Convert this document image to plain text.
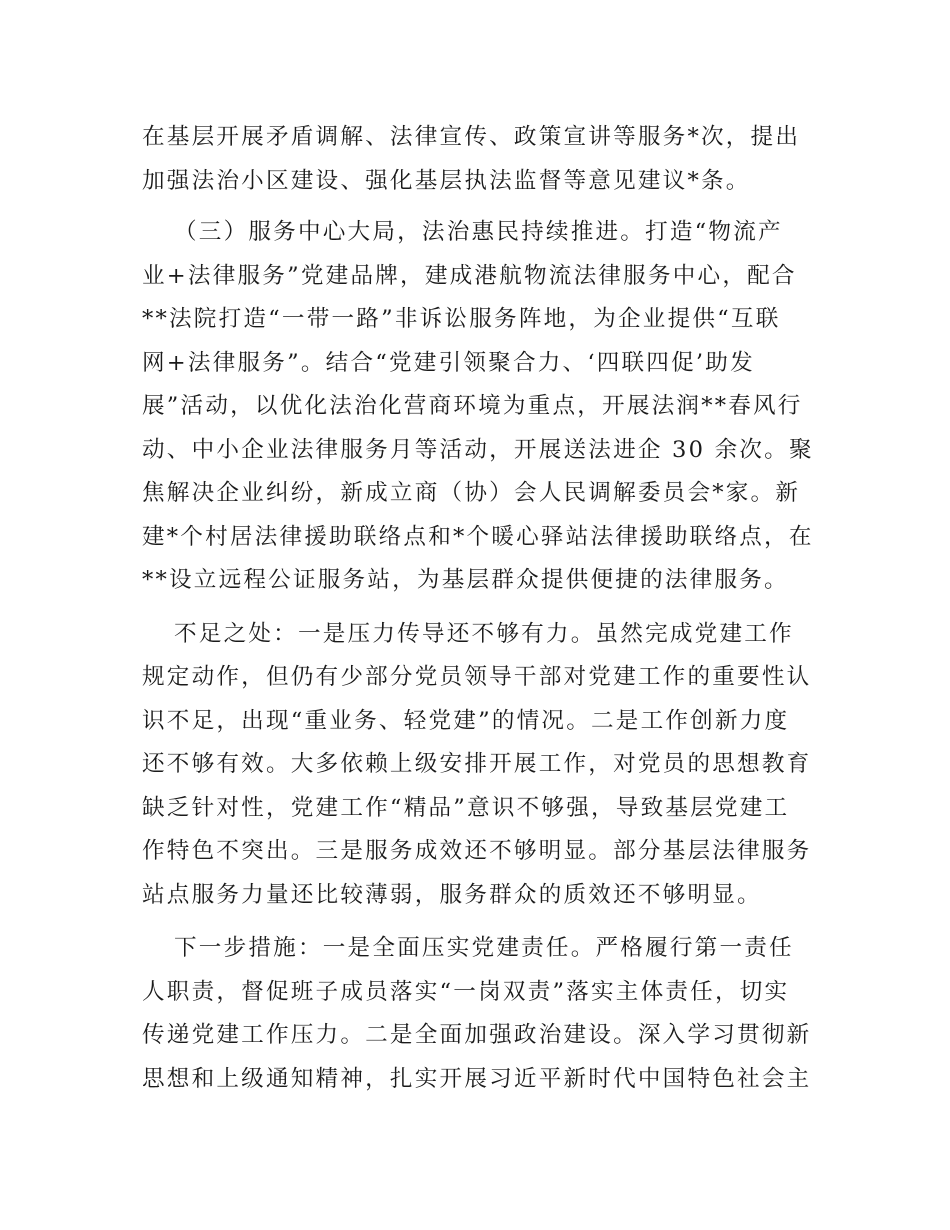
在基层开展矛盾调解、法律宣传、政策宣讲等服务*次，提出
加强法治小区建设、强化基层执法监督等意见建议*条。
（三）服务中心大局，法治惠民持续推进。打造“物流产
业+法律服务”党建品牌，建成港航物流法律服务中心，配合
**法院打造“一带一路”非诉讼服务阵地，为企业提供“互联
网+法律服务”。结合“党建引领聚合力、‘四联四促’助发
展”活动，以优化法治化营商环境为重点，开展法润**春风行
动、中小企业法律服务月等活动，开展送法进企 30 余次。聚
焦解决企业纠纷，新成立商（协）会人民调解委员会*家。新
建*个村居法律援助联络点和*个暖心驿站法律援助联络点，在
**设立远程公证服务站，为基层群众提供便捷的法律服务。
不足之处：一是压力传导还不够有力。虽然完成党建工作
规定动作，但仍有少部分党员领导干部对党建工作的重要性认
识不足，出现“重业务、轻党建”的情况。二是工作创新力度
还不够有效。大多依赖上级安排开展工作，对党员的思想教育
缺乏针对性，党建工作“精品”意识不够强，导致基层党建工
作特色不突出。三是服务成效还不够明显。部分基层法律服务
站点服务力量还比较薄弱，服务群众的质效还不够明显。
下一步措施：一是全面压实党建责任。严格履行第一责任
人职责，督促班子成员落实“一岗双责”落实主体责任，切实
传递党建工作压力。二是全面加强政治建设。深入学习贯彻新
思想和上级通知精神，扎实开展习近平新时代中国特色社会主
